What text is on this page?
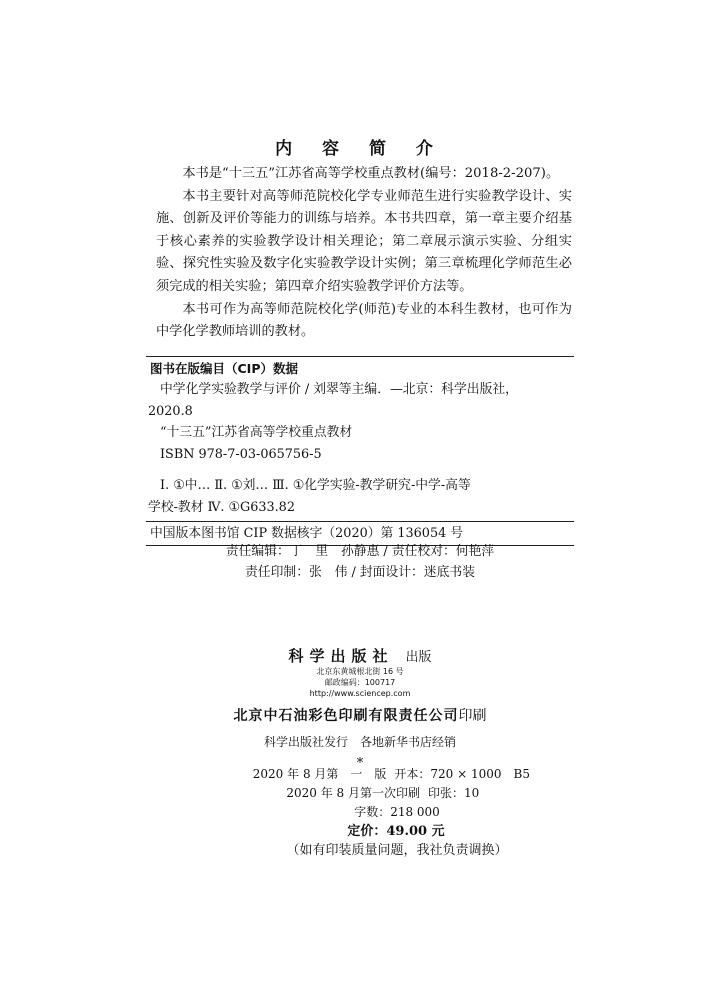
内 容 简 介

本书是“十三五”江苏省高等学校重点教材(编号：2018-2-207)。

本书主要针对高等师范院校化学专业师范生进行实验教学设计、实施、创新及评价等能力的训练与培养。本书共四章，第一章主要介绍基于核心素养的实验教学设计相关理论；第二章展示演示实验、分组实验、探究性实验及数字化实验教学设计实例；第三章梳理化学师范生必须完成的相关实验；第四章介绍实验教学评价方法等。

本书可作为高等师范院校化学(师范)专业的本科生教材，也可作为中学化学教师培训的教材。

图书在版编目（CIP）数据
中学化学实验教学与评价 / 刘翠等主编．—北京：科学出版社，
2020.8
“十三五”江苏省高等学校重点教材
ISBN 978-7-03-065756-5
Ⅰ. ①中… Ⅱ. ①刘… Ⅲ. ①化学实验-教学研究-中学-高等
学校-教材 Ⅳ. ①G633.82
中国版本图书馆 CIP 数据核字（2020）第 136054 号
责任编辑：丁　里　孙静惠 / 责任校对：何艳萍
责任印制：张　伟 / 封面设计：迷底书装
科学出版社 出版
北京东黄城根北街 16 号
邮政编码：100717
http://www.sciencep.com
北京中石油彩色印刷有限责任公司印刷
科学出版社发行　各地新华书店经销
*
2020 年 8 月第　一　版 开本：720 × 1000　B5
2020 年 8 月第一次印刷 印张：10
字数：218 000
定价：49.00 元
（如有印装质量问题，我社负责调换）
